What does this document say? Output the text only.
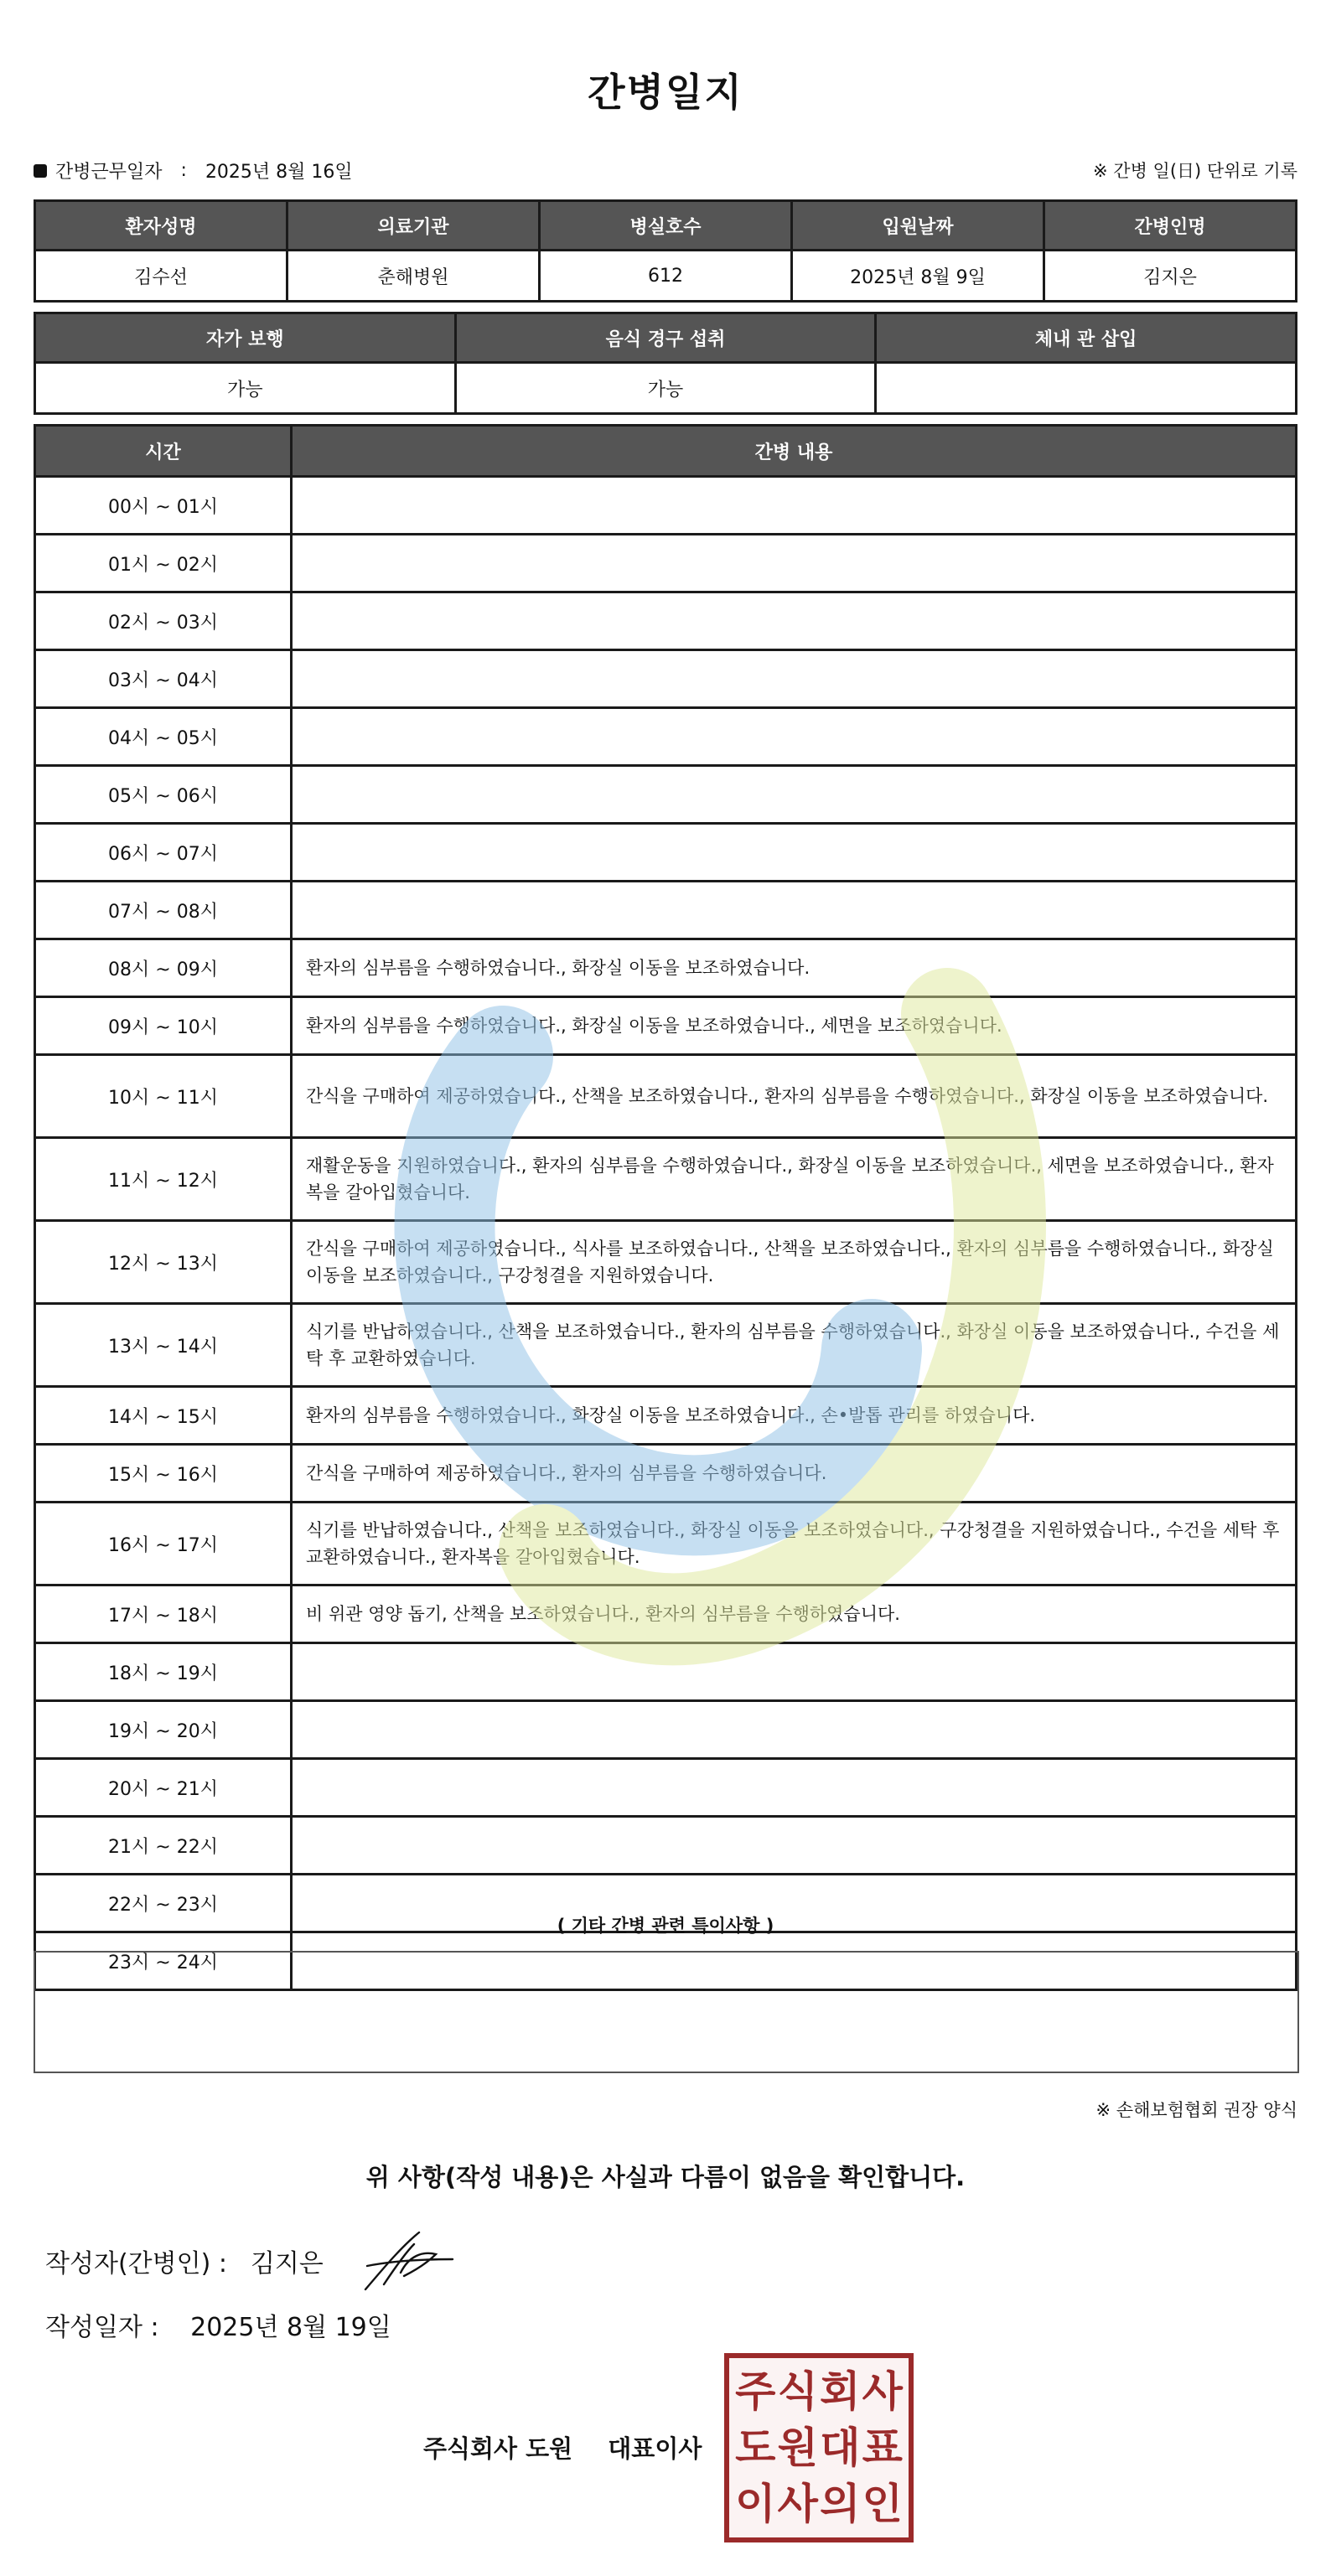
간병일지
간병근무일자 : 2025년 8월 16일	※ 간병 일(日) 단위로 기록
환자성명	의료기관	병실호수	입원날짜	간병인명
김수선	춘해병원	612	2025년 8월 9일	김지은
자가 보행	음식 경구 섭취	체내 관 삽입
가능	가능	
시간	간병 내용
00시 ~ 01시	
01시 ~ 02시	
02시 ~ 03시	
03시 ~ 04시	
04시 ~ 05시	
05시 ~ 06시	
06시 ~ 07시	
07시 ~ 08시	
08시 ~ 09시	환자의 심부름을 수행하였습니다., 화장실 이동을 보조하였습니다.
09시 ~ 10시	환자의 심부름을 수행하였습니다., 화장실 이동을 보조하였습니다., 세면을 보조하였습니다.
10시 ~ 11시	간식을 구매하여 제공하였습니다., 산책을 보조하였습니다., 환자의 심부름을 수행하였습니다., 화장실 이동을 보조하였습니다.
11시 ~ 12시	재활운동을 지원하였습니다., 환자의 심부름을 수행하였습니다., 화장실 이동을 보조하였습니다., 세면을 보조하였습니다., 환자복을 갈아입혔습니다.
12시 ~ 13시	간식을 구매하여 제공하였습니다., 식사를 보조하였습니다., 산책을 보조하였습니다., 환자의 심부름을 수행하였습니다., 화장실 이동을 보조하였습니다., 구강청결을 지원하였습니다.
13시 ~ 14시	식기를 반납하였습니다., 산책을 보조하였습니다., 환자의 심부름을 수행하였습니다., 화장실 이동을 보조하였습니다., 수건을 세탁 후 교환하였습니다.
14시 ~ 15시	환자의 심부름을 수행하였습니다., 화장실 이동을 보조하였습니다., 손•발톱 관리를 하였습니다.
15시 ~ 16시	간식을 구매하여 제공하였습니다., 환자의 심부름을 수행하였습니다.
16시 ~ 17시	식기를 반납하였습니다., 산책을 보조하였습니다., 화장실 이동을 보조하였습니다., 구강청결을 지원하였습니다., 수건을 세탁 후 교환하였습니다., 환자복을 갈아입혔습니다.
17시 ~ 18시	비 위관 영양 돕기, 산책을 보조하였습니다., 환자의 심부름을 수행하였습니다.
18시 ~ 19시	
19시 ~ 20시	
20시 ~ 21시	
21시 ~ 22시	
22시 ~ 23시	
23시 ~ 24시	
( 기타 간병 관련 특이사항 )
※ 손해보험협회 권장 양식
위 사항(작성 내용)은 사실과 다름이 없음을 확인합니다.
작성자(간병인) : 김지은
작성일자 : 2025년 8월 19일
주식회사 도원 대표이사
주 식 회 사
도 원 대 표
이 사 의 인
